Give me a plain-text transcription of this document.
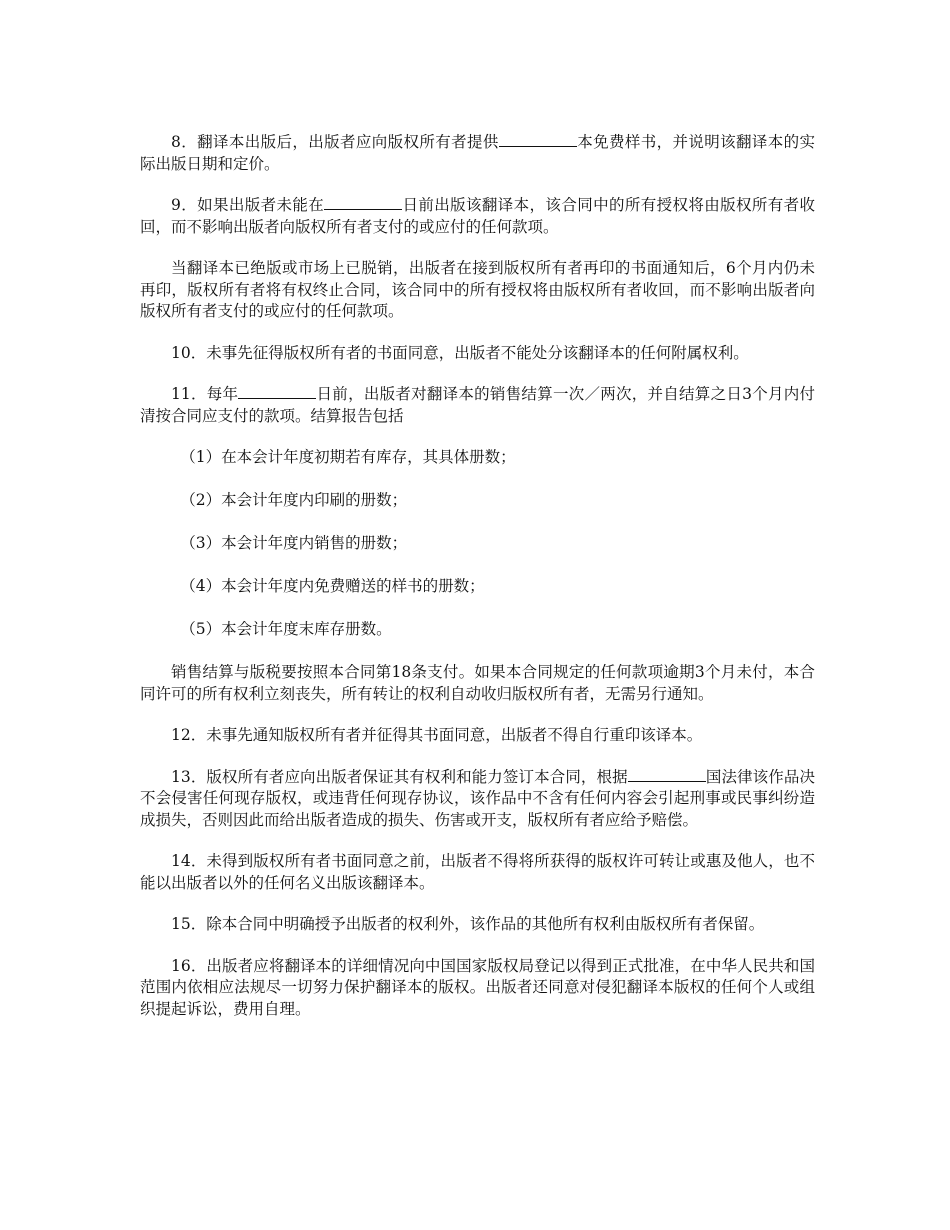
8．翻译本出版后，出版者应向版权所有者提供	本免费样书，并说明该翻译本的实际出版日期和定价。

9．如果出版者未能在	日前出版该翻译本，该合同中的所有授权将由版权所有者收回，而不影响出版者向版权所有者支付的或应付的任何款项。

当翻译本已绝版或市场上已脱销，出版者在接到版权所有者再印的书面通知后，6个月内仍未再印，版权所有者将有权终止合同，该合同中的所有授权将由版权所有者收回，而不影响出版者向版权所有者支付的或应付的任何款项。

10．未事先征得版权所有者的书面同意，出版者不能处分该翻译本的任何附属权利。

11．每年	日前，出版者对翻译本的销售结算一次／两次，并自结算之日3个月内付清按合同应支付的款项。结算报告包括

（1）在本会计年度初期若有库存，其具体册数；

（2）本会计年度内印刷的册数；

（3）本会计年度内销售的册数；

（4）本会计年度内免费赠送的样书的册数；

（5）本会计年度末库存册数。

销售结算与版税要按照本合同第18条支付。如果本合同规定的任何款项逾期3个月未付，本合同许可的所有权利立刻丧失，所有转让的权利自动收归版权所有者，无需另行通知。

12．未事先通知版权所有者并征得其书面同意，出版者不得自行重印该译本。

13．版权所有者应向出版者保证其有权利和能力签订本合同，根据	国法律该作品决不会侵害任何现存版权，或违背任何现存协议，该作品中不含有任何内容会引起刑事或民事纠纷造成损失，否则因此而给出版者造成的损失、伤害或开支，版权所有者应给予赔偿。

14．未得到版权所有者书面同意之前，出版者不得将所获得的版权许可转让或惠及他人，也不能以出版者以外的任何名义出版该翻译本。

15．除本合同中明确授予出版者的权利外，该作品的其他所有权利由版权所有者保留。

16．出版者应将翻译本的详细情况向中国国家版权局登记以得到正式批准，在中华人民共和国范围内依相应法规尽一切努力保护翻译本的版权。出版者还同意对侵犯翻译本版权的任何个人或组织提起诉讼，费用自理。
